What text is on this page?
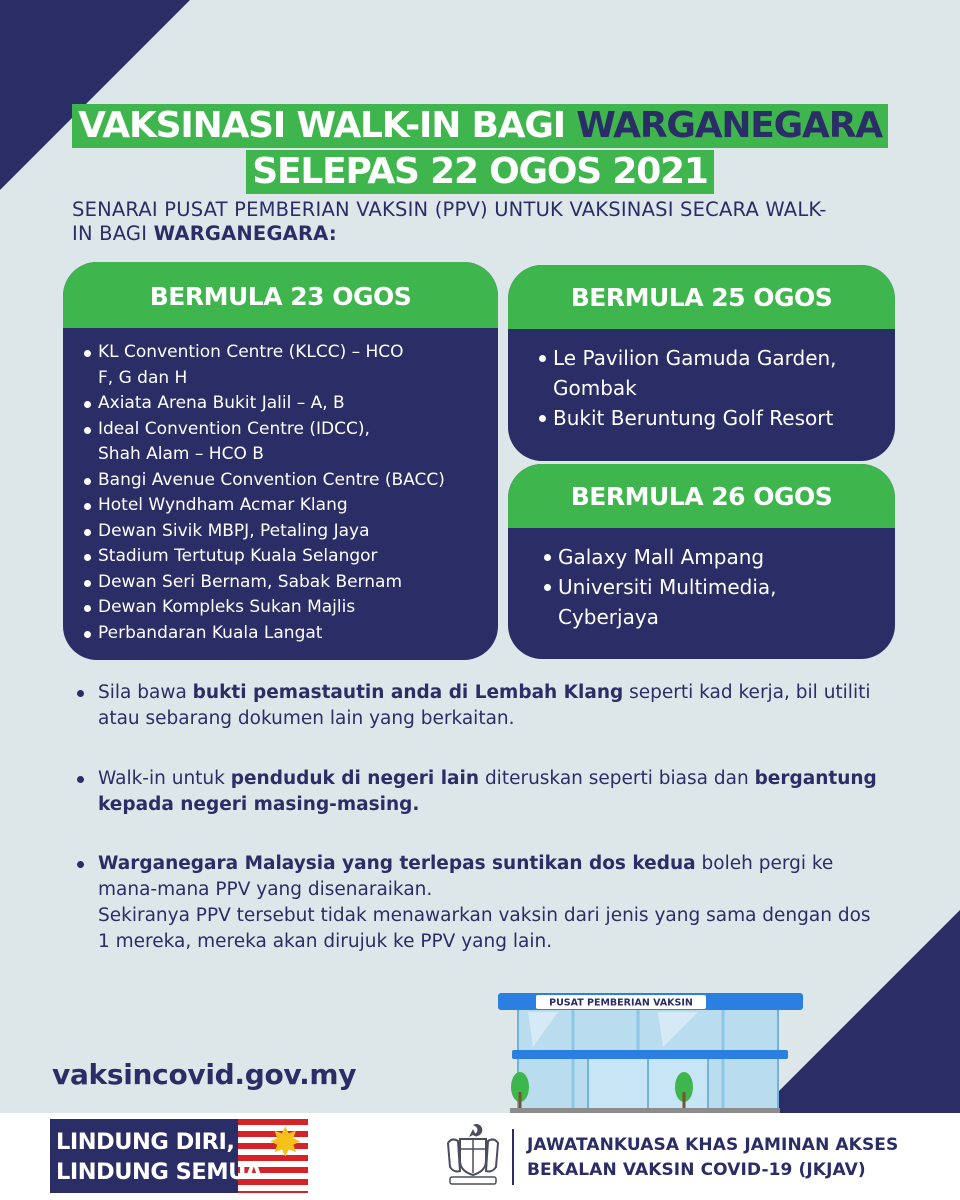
VAKSINASI WALK-IN BAGI WARGANEGARA
SELEPAS 22 OGOS 2021

SENARAI PUSAT PEMBERIAN VAKSIN (PPV) UNTUK VAKSINASI SECARA WALK-IN BAGI WARGANEGARA:

BERMULA 23 OGOS
KL Convention Centre (KLCC) – HCO
F, G dan H
Axiata Arena Bukit Jalil – A, B
Ideal Convention Centre (IDCC),
Shah Alam – HCO B
Bangi Avenue Convention Centre (BACC)
Hotel Wyndham Acmar Klang
Dewan Sivik MBPJ, Petaling Jaya
Stadium Tertutup Kuala Selangor
Dewan Seri Bernam, Sabak Bernam
Dewan Kompleks Sukan Majlis
Perbandaran Kuala Langat
BERMULA 25 OGOS
Le Pavilion Gamuda Garden,
Gombak
Bukit Beruntung Golf Resort
BERMULA 26 OGOS
Galaxy Mall Ampang
Universiti Multimedia,
Cyberjaya
Sila bawa bukti pemastautin anda di Lembah Klang seperti kad kerja, bil utiliti atau sebarang dokumen lain yang berkaitan.
Walk-in untuk penduduk di negeri lain diteruskan seperti biasa dan bergantung kepada negeri masing-masing.
Warganegara Malaysia yang terlepas suntikan dos kedua boleh pergi ke mana-mana PPV yang disenaraikan.
Sekiranya PPV tersebut tidak menawarkan vaksin dari jenis yang sama dengan dos 1 mereka, mereka akan dirujuk ke PPV yang lain.
vaksincovid.gov.my
PUSAT PEMBERIAN VAKSIN
✸
LINDUNG DIRI,
LINDUNG SEMUA.
JAWATANKUASA KHAS JAMINAN AKSES
BEKALAN VAKSIN COVID-19 (JKJAV)
